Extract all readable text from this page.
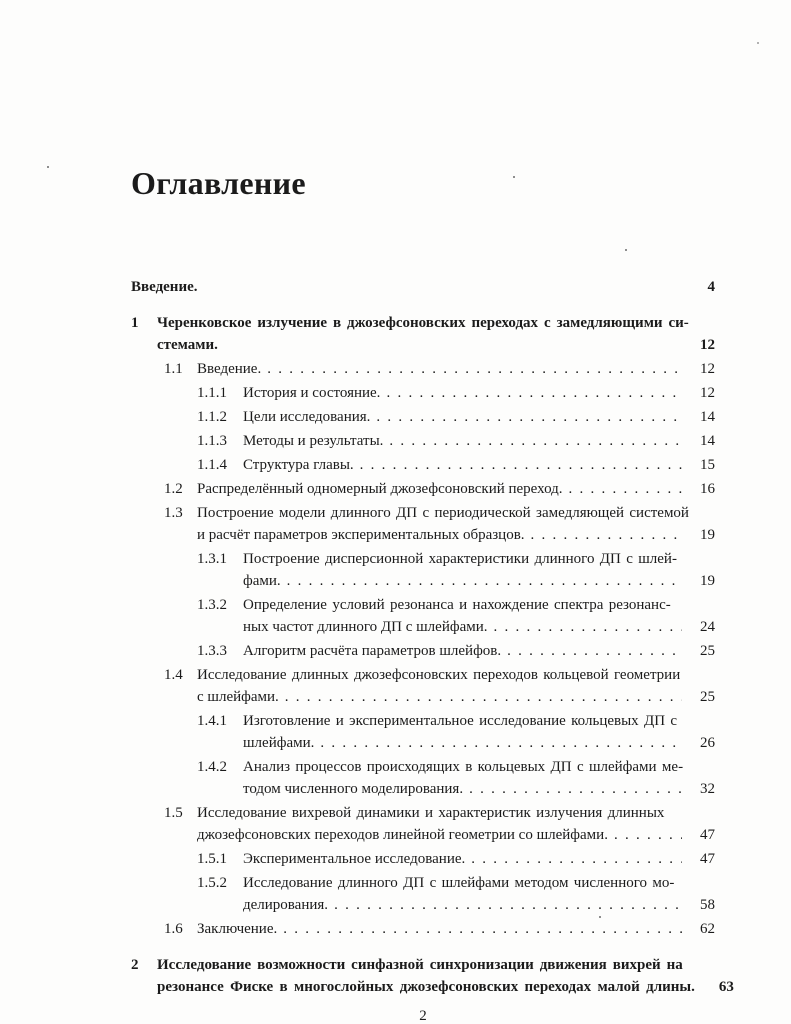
Оглавление
Введение.	4
1	Черенковское излучение в джозефсоновских переходах с замедляющими си-
стемами.	12
1.1 Введение. . . .	12
1.1.1	История и состояние. . . .	12
1.1.2	Цели исследования. . . .	14
1.1.3	Методы и результаты. . . .	14
1.1.4	Структура главы. . . .	15
1.2 Распределённый одномерный джозефсоновский переход. . . .	16
1.3 Построение модели длинного ДП с периодической замедляющей системой
и расчёт параметров экспериментальных образцов. . . .	19
1.3.1	Построение дисперсионной характеристики длинного ДП с шлей-
фами. . . .	19
1.3.2	Определение условий резонанса и нахождение спектра резонанс-
ных частот длинного ДП с шлейфами. . . .	24
1.3.3	Алгоритм расчёта параметров шлейфов. . . .	25
1.4 Исследование длинных джозефсоновских переходов кольцевой геометрии
с шлейфами. . . .	25
1.4.1	Изготовление и экспериментальное исследование кольцевых ДП с
шлейфами. . . .	26
1.4.2	Анализ процессов происходящих в кольцевых ДП с шлейфами ме-
тодом численного моделирования. . . .	32
1.5 Исследование вихревой динамики и характеристик излучения длинных
джозефсоновских переходов линейной геометрии со шлейфами. . . .	47
1.5.1	Экспериментальное исследование. . . .	47
1.5.2	Исследование длинного ДП с шлейфами методом численного мо-
делирования. . . .	58
1.6 Заключение. . . .	62
2	Исследование возможности синфазной синхронизации движения вихрей на
резонансе Фиске в многослойных джозефсоновских переходах малой длины.	63
2
